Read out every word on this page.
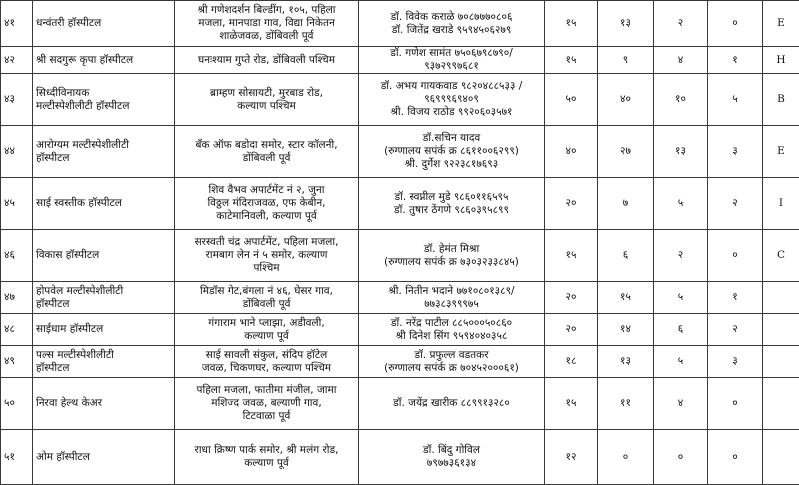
४१	धन्वंतरी हॉस्पीटल	श्री गणेशदर्शन बिल्डींग, १०५, पहिला
मजला, मानपाडा गाव, विद्या निकेतन
शाळेजवळ, डोंबिवली पूर्व	डॉ. विवेक कराळे ७०८७७७०८०६
डॉ. जितेंद्र खराडे ९५९४५०६२७९	१५	१३	२	०	E
४२	श्री सदगुरू कृपा हॉस्पीटल	घनःश्याम गुप्ते रोड, डोंबिवली पश्चिम	डॉ. गणेश सामंत ७५०६७९८७९०/
९३७२९९७६८१	१५	९	४	१	H
४३	सिध्दीविनायक
मल्टीस्पेशीलीटी हॉस्पीटल	ब्राम्हण सोसायटी, मुरबाड रोड,
कल्याण पश्चिम	डॉ. अभय गायकवाड ९८२०४८८५३३ /
९६९९९६९४०९
श्री. विजय राठोड ९९२०६०३५७१	५०	४०	१०	५	B
४४	आरोग्यम मल्टीस्पेशीलीटी
हॉस्पीटल	बँक ऑफ बडोदा समोर, स्टार कॉलनी,
डोंबिवली पूर्व	डॉ.सचिन यादव
(रुग्णालय सपंर्क क्र ८६११००६२९९)
श्री. दुर्गेश ९२२३८१७६९३	४०	२७	१३	३	E
४५	साई स्वस्तीक हॉस्पीटल	शिव वैभव अपार्टमेंट नं २, जुना
विठ्ठल मंदिराजवळ, एफ केबीन,
काटेमानिवली, कल्याण पूर्व	डॉ. स्वप्नील मुडे ९८६०११६५९५
डॉ. तुषार ठेंगणे ९८६०३९५८९९	२०	७	५	२	I
४६	विकास हॉस्पीटल	सरस्वती चंद्र अपार्टमेंट, पहिला मजला,
रामबाग लेन नं ५ समोर, कल्याण
पश्चिम	डॉ. हेमंत मिश्रा
(रुग्णालय सपंर्क क्र ७३०३२३३८४५)	१५	६	२	०	C
४७	होपवेल मल्टीस्पेशीलीटी
हॉस्पीटल	मिडॉस गेट,बंगला नं ४६, घेसर गाव,
डोंबिवली पूर्व	श्री. नितीन भदाने ७७१०८०१३८९/
७७३८३९९९७५	२०	१५	५	१	
४८	साईधाम हॉस्पीटल	गंगाराम भाने प्लाझा, अडीवली,
कल्याण पूर्व	डॉ. नरेंद्र पाटील ८८५०००५०८६०
श्री दिनेश सिंग ९५९४०४०३५८	२०	१४	६	२	
४९	पल्स मल्टीस्पेशीलीटी
हॉस्पीटल	साई सावली संकुल, संदिप हॉटेल
जवळ, चिकणघर, कल्याण पश्चिम	डॉ. प्रफुल्ल वडतकर
(रुग्णालय सपंर्क क्र ७०४५२०००६१)	१८	१३	५	३	
५०	निरवा हेल्थ केअर	पहिला मजला, फातीमा मंजील, जामा
मशिज्द जवळ, बल्याणी गाव,
टिटवाळा पूर्व	डॉ. जयेंद्र खारीक ८८९९१३२८०	१५	११	४	०	
५१	ओम हॉस्पीटल	राधा क्रिष्ण पार्क समोर, श्री मलंग रोड,
कल्याण पूर्व	डॉ. बिंदु गोविल
७९७७३६१३४	१२	०	०	०	
